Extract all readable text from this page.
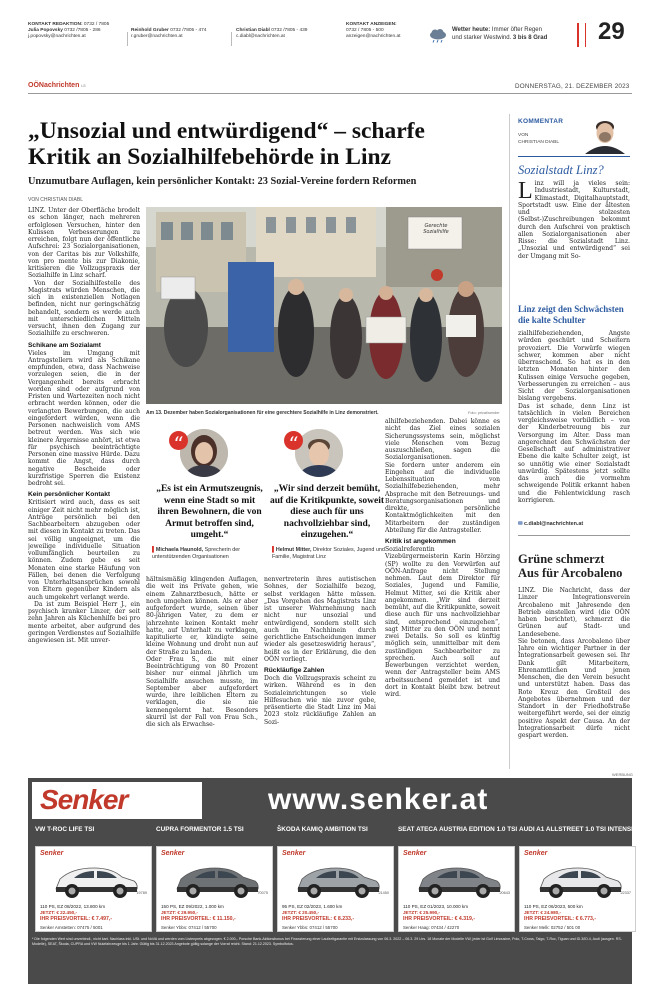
KONTAKT REDAKTION: 0732 / 7805
Julia Popovsky 0732 /7805 - 286
j.popovsky@nachrichten.at
Reinhold Gruber 0732 /7805 - 474
r.gruber@nachrichten.at
Christian Diabl 0732 /7805 - 439
c.diabl@nachrichten.at
KONTAKT ANZEIGEN:
0732 / 7805 - 500
anzeigen@nachrichten.at
Wetter heute: Immer öfter Regen
und starker Westwind. 3 bis 8 Grad 29
OÖNachrichten LS	DONNERSTAG, 21. DEZEMBER 2023
„Unsozial und entwürdigend“ – scharfe
Kritik an Sozialhilfebehörde in Linz
Unzumutbare Auflagen, kein persönlicher Kontakt: 23 Sozial-Vereine fordern Reformen
VON CHRISTIAN DIABL

LINZ. Unter der Oberfläche brodelt es schon länger, nach mehreren erfolglosen Versuchen, hinter den Kulissen Verbesserungen zu erreichen, folgt nun der öffentliche Aufschrei: 23 Sozialorganisationen, von der Caritas bis zur Volkshilfe, von pro mente bis zur Diakonie, kritisieren die Vollzugspraxis der Sozialhilfe in Linz scharf.

Von der Sozialhilfestelle des Magistrats würden Menschen, die sich in existenziellen Notlagen befinden, nicht nur geringschätzig behandelt, sondern es werde auch mit unterschiedlichen Mitteln versucht, ihnen den Zugang zur Sozialhilfe zu erschweren.

Schikane am Sozialamt

Vieles im Umgang mit Antragstellern wird als Schikane empfunden, etwa, dass Nachweise vorzulegen seien, die in der Vergangenheit bereits erbracht worden sind oder aufgrund von Fristen und Wartezeiten noch nicht erbracht werden können, oder die verlangten Bewerbungen, die auch eingefordert würden, wenn die Personen nachweislich vom AMS betreut werden. Was sich wie kleinere Ärgernisse anhört, ist etwa für psychisch beeinträchtigte Personen eine massive Hürde. Dazu kommt die Angst, dass durch negative Bescheide oder kurzfristige Sperren die Existenz bedroht sei.

Kein persönlicher Kontakt

Kritisiert wird auch, dass es seit einiger Zeit nicht mehr möglich ist, Anträge persönlich bei den Sachbearbeitern abzugeben oder mit diesen in Kontakt zu treten. Das sei völlig ungeeignet, um die jeweilige individuelle Situation vollumfänglich beurteilen zu können. Zudem gebe es seit Monaten eine starke Häufung von Fällen, bei denen die Verfolgung von Unterhaltsansprüchen sowohl von Eltern gegenüber Kindern als auch umgekehrt verlangt werde.

Da ist zum Beispiel Herr J., ein psychisch kranker Linzer, der seit zehn Jahren als Küchenhilfe bei pro mente arbeitet, aber aufgrund des geringen Verdienstes auf Sozialhilfe angewiesen ist. Mit unver-

Gerechte Sozialhilfe
Am 13. Dezember haben Sozialorganisationen für eine gerechtere Sozialhilfe in Linz demonstriert.	Foto: privat/sender
“
„Es ist ein Armutszeugnis, wenn eine Stadt so mit ihren Bewohnern, die von Armut betroffen sind, umgeht.“
▌Michaela Haunold, Sprecherin der unterstützenden Organisationen
“
„Wir sind derzeit bemüht, auf die Kritikpunkte, soweit diese auch für uns nachvollziehbar sind, einzugehen.“
▌Helmut Mitter, Direktor Soziales, Jugend und Familie, Magistrat Linz
hältnismäßig klingenden Auflagen, die weit ins Private gehen, wie einem Zahnarztbesuch, hätte er noch umgehen können. Als er aber aufgefordert wurde, seinen über 80-jährigen Vater, zu dem er jahrzehnte keinen Kontakt mehr hatte, auf Unterhalt zu verklagen, kapitulierte er, kündigte seine kleine Wohnung und droht nun auf der Straße zu landen.
Oder Frau S., die mit einer Beeinträchtigung von 80 Prozent bisher nur einmal jährlich um Sozialhilfe ansuchen musste, im September aber aufgefordert wurde, ihre leiblichen Eltern zu verklagen, die sie nie kennengelernt hat. Besonders skurril ist der Fall von Frau Sch., die sich als Erwachse-

nenvertreterin ihres autistischen Sohnes, der Sozialhilfe bezog, selbst verklagen hätte müssen. „Das Vorgehen des Magistrats Linz ist unserer Wahrnehmung nach nicht nur unsozial und entwürdigend, sondern stellt sich auch im Nachhinein durch gerichtliche Entscheidungen immer wieder als gesetzeswidrig heraus“, heißt es in der Erklärung, die den OÖN vorliegt.

Rückläufige Zahlen

Doch die Vollzugspraxis scheint zu wirken. Während es in den Sozialeinrichtungen so viele Hilfesuchen wie nie zuvor gebe, präsentierte die Stadt Linz im Mai 2023 stolz rückläufige Zahlen an Sozi-

alhilfebeziehenden. Dabei könne es nicht das Ziel eines sozialen Sicherungssystems sein, möglichst viele Menschen vom Bezug auszuschließen, sagen die Sozialorganisationen.
Sie fordern unter anderem ein Eingehen auf die individuelle Lebenssituation von Sozialhilfebeziehenden, mehr Absprache mit den Betreuungs- und Beratungsorganisationen und direkte, persönliche Kontaktmöglichkeiten mit den Mitarbeitern der zuständigen Abteilung für die Antragsteller.

Kritik ist angekommen

Sozialreferentin Vizebürgermeisterin Karin Hörzing (SP) wollte zu den Vorwürfen auf OÖN-Anfrage nicht Stellung nehmen. Laut dem Direktor für Soziales, Jugend und Familie, Helmut Mitter, sei die Kritik aber angekommen. „Wir sind derzeit bemüht, auf die Kritikpunkte, soweit diese auch für uns nachvollziehbar sind, entsprechend einzugehen“, sagt Mitter zu den OÖN und nennt zwei Details. So soll es künftig möglich sein, unmittelbar mit dem zuständigen Sachbearbeiter zu sprechen. Auch soll auf Bewerbungen verzichtet werden, wenn der Antragsteller beim AMS arbeitssuchend gemeldet ist und dort in Kontakt bleibt bzw. betreut wird.

KOMMENTAR
VON
CHRISTIAN DIABL
Sozialstadt Linz?
Linz will ja vieles sein: Industriestadt, Kulturstadt, Klimastadt, Digitalhauptstadt, Sportstadt usw. Eine der ältesten und stolzesten (Selbst-)Zuschreibungen bekommt durch den Aufschrei von praktisch allen Sozialorganisationen aber Risse: die Sozialstadt Linz. „Unsozial und entwürdigend“ sei der Umgang mit So-
Linz zeigt den Schwächsten die kalte Schulter
zialhilfebeziehenden, Ängste würden geschürt und Scheitern provoziert. Die Vorwürfe wiegen schwer, kommen aber nicht überraschend. So hat es in den letzten Monaten hinter den Kulissen einige Versuche gegeben, Verbesserungen zu erreichen – aus Sicht der Sozialorganisationen bislang vergebens.
Das ist schade, denn Linz ist tatsächlich in vielen Bereichen vergleichsweise vorbildlich – von der Kinderbetreuung bis zur Versorgung im Alter. Dass man angerechnet den Schwächsten der Gesellschaft auf administrativer Ebene die kalte Schulter zeigt, ist so unnötig wie einer Sozialstadt unwürdig. Spätestens jetzt sollte das auch die vormehm schweigende Politik erkannt haben und die Fehlentwicklung rasch korrigieren.
✉ c.diabl@nachrichten.at
Grüne schmerzt
Aus für Arcobaleno
LINZ. Die Nachricht, dass der Linzer Integrationsverein Arcobaleno mit Jahresende den Betrieb einstellen wird (die OÖN haben berichtet), schmerzt die Grünen auf Stadt- und Landesebene.
Sie betonen, dass Arcobaleno über Jahre ein wichtiger Partner in der Integrationsarbeit gewesen sei. Ihr Dank gilt Mitarbeitern, Ehrenamtlichen und jenen Menschen, die den Verein besucht und unterstützt haben. Dass das Rote Kreuz den Großteil des Angebotes übernehmen und der Standort in der Friedhofstraße weitergeführt werde, sei der einzig positive Aspekt der Causa. An der Integrationsarbeit dürfe nicht gespart werden.
WERBUNG
Senker	www.senker.at
VW T-ROC LIFE TSI
Senker
19789
110 PS, EZ 08/2022, 13.800 km
JETZT: € 22.450,-
IHR PREISVORTEIL: € 7.497,-
Senker Amstetten: 07475 / 5001
CUPRA FORMENTOR 1.5 TSI
Senker
70075
150 PS, EZ 09/2022, 1.000 km
JETZT: € 29.950,-
IHR PREISVORTEIL: € 11.150,-
Senker Ybbs: 07412 / 55700
ŠKODA KAMIQ AMBITION TSI
Senker
21450
95 PS, EZ 02/2023, 1.600 km
JETZT: € 20.450,-
IHR PREISVORTEIL: € 8.233,-
Senker Ybbs: 07412 / 55700
SEAT ATECA AUSTRIA EDITION 1.0 TSI
Senker
20643
110 PS, EZ 01/2023, 10.000 km
JETZT: € 25.990,-
IHR PREISVORTEIL: € 4.319,-
Senker Haag: 07434 / 42270
AUDI A1 ALLSTREET 1.0 TSI INTENSE
Senker
22337
110 PS, EZ 06/2023, 500 km
JETZT: € 24.980,-
IHR PREISVORTEIL: € 6.773,-
Senker Melk: 02752 / 501 00
* Die folgenden Wert sind unverbindl., nicht kart. Nachlass inkl. USt. und NoVA und werden vom Listenpreis abgezogen. € 2.000,- Porsche Bank-Aktionsbonus bei Finanzierung einer Laufzeitgarantie mit Erstzulassung von 06.3. 2022 – 06.3. 29 Ltrs. 18 Monate der Modelle VW, jeder ist Golf Limousine, Polo, T-Cross, Taigo, T-Roc, Tiguan und ID.3/ID.4, Audi (ausgen. RS-Modelle), SEAT, Škoda, CUPRA und VW Nutzfahrzeuge bis 1 Jahr. Gültig bis 31.12.2023 Angebote gültig solange der Vorrat reicht. Stand: 21.12.2023. Symbolfotos.
